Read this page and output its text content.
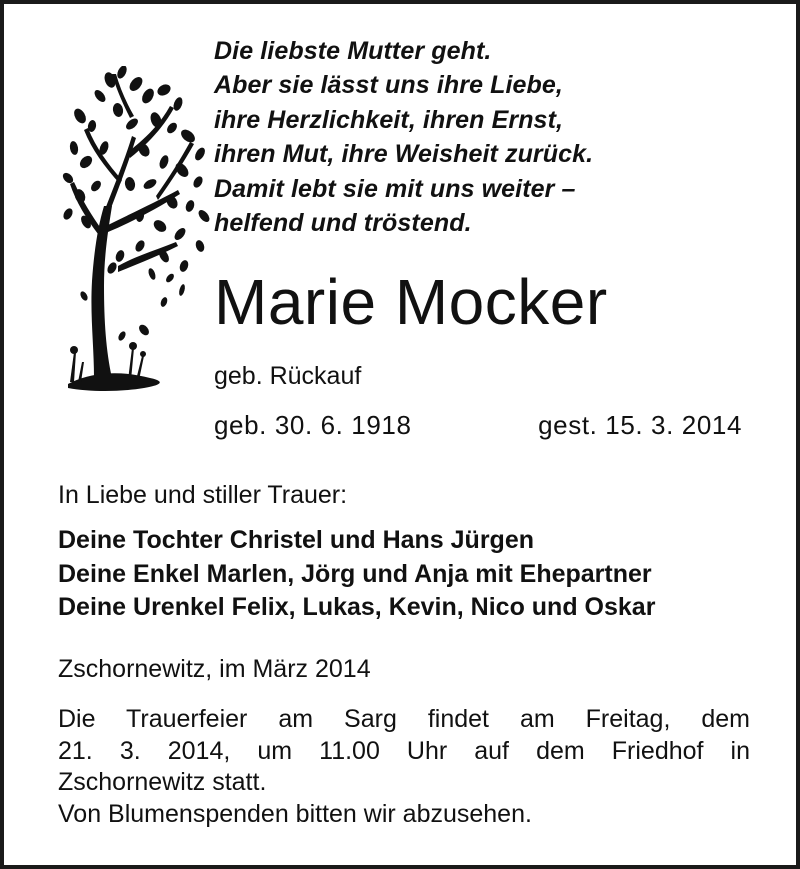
Die liebste Mutter geht.
Aber sie lässt uns ihre Liebe,
ihre Herzlichkeit, ihren Ernst,
ihren Mut, ihre Weisheit zurück.
Damit lebt sie mit uns weiter –
helfend und tröstend.
Marie Mocker
geb. Rückauf
geb. 30. 6. 1918	gest. 15. 3. 2014
In Liebe und stiller Trauer:
Deine Tochter Christel und Hans Jürgen
Deine Enkel Marlen, Jörg und Anja mit Ehepartner
Deine Urenkel Felix, Lukas, Kevin, Nico und Oskar
Zschornewitz, im März 2014
Die Trauerfeier am Sarg findet am Freitag, dem
21. 3. 2014, um 11.00 Uhr auf dem Friedhof in
Zschornewitz statt.
Von Blumenspenden bitten wir abzusehen.
